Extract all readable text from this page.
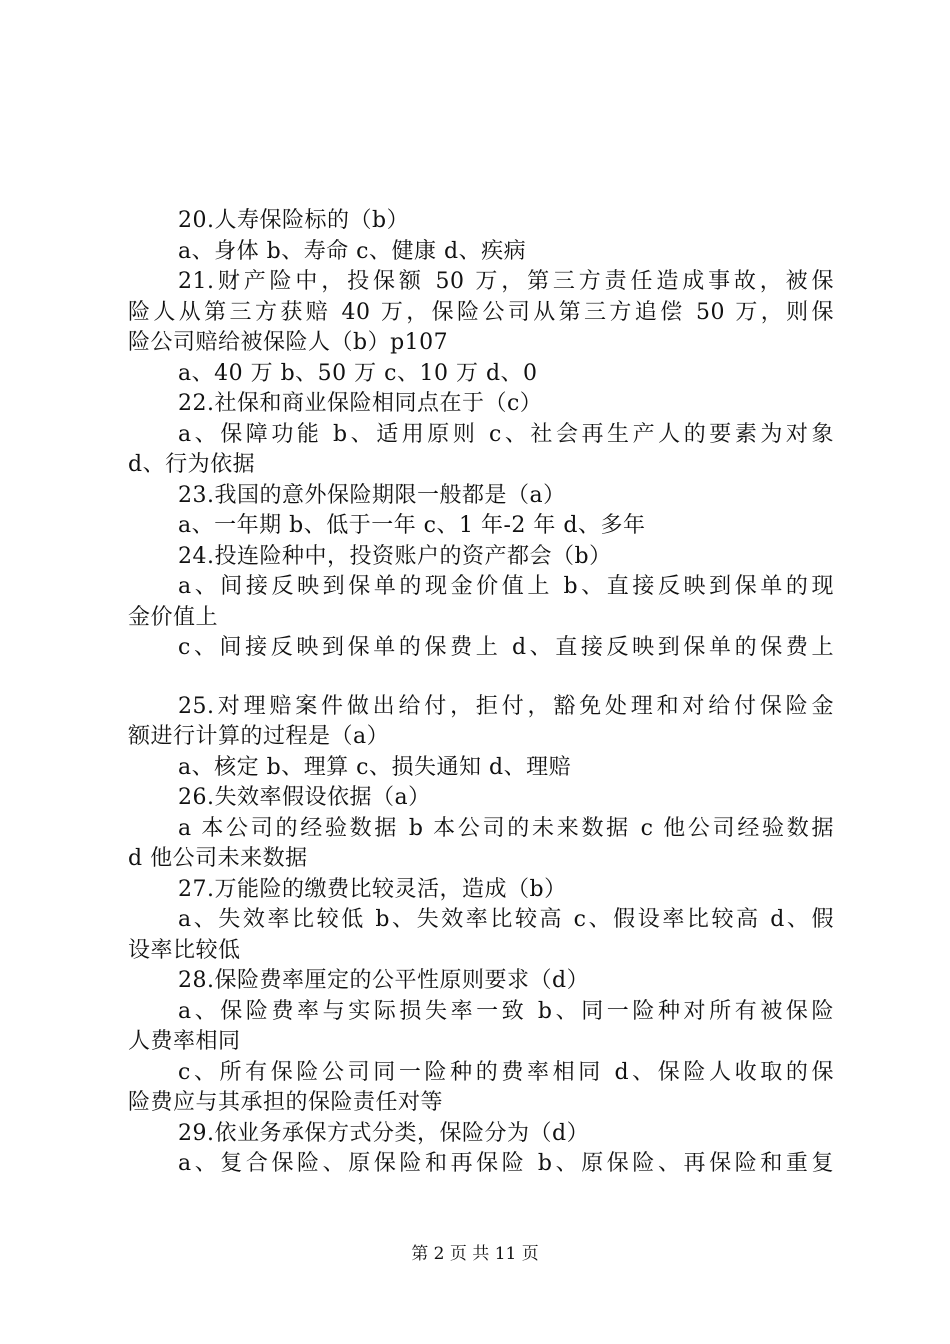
20.人寿保险标的（b）
a、身体 b、寿命 c、健康 d、疾病
21.财产险中，投保额 50 万，第三方责任造成事故，被保
险人从第三方获赔 40 万，保险公司从第三方追偿 50 万，则保
险公司赔给被保险人（b）p107
a、40 万 b、50 万 c、10 万 d、0
22.社保和商业保险相同点在于（c）
a、保障功能 b、适用原则 c、社会再生产人的要素为对象
d、行为依据
23.我国的意外保险期限一般都是（a）
a、一年期 b、低于一年 c、1 年-2 年 d、多年
24.投连险种中，投资账户的资产都会（b）
a、间接反映到保单的现金价值上 b、直接反映到保单的现
金价值上
c、间接反映到保单的保费上 d、直接反映到保单的保费上
25.对理赔案件做出给付，拒付，豁免处理和对给付保险金
额进行计算的过程是（a）
a、核定 b、理算 c、损失通知 d、理赔
26.失效率假设依据（a）
a 本公司的经验数据 b 本公司的未来数据 c 他公司经验数据
d 他公司未来数据
27.万能险的缴费比较灵活，造成（b）
a、失效率比较低 b、失效率比较高 c、假设率比较高 d、假
设率比较低
28.保险费率厘定的公平性原则要求（d）
a、保险费率与实际损失率一致 b、同一险种对所有被保险
人费率相同
c、所有保险公司同一险种的费率相同 d、保险人收取的保
险费应与其承担的保险责任对等
29.依业务承保方式分类，保险分为（d）
a、复合保险、原保险和再保险 b、原保险、再保险和重复
第 2 页 共 11 页
